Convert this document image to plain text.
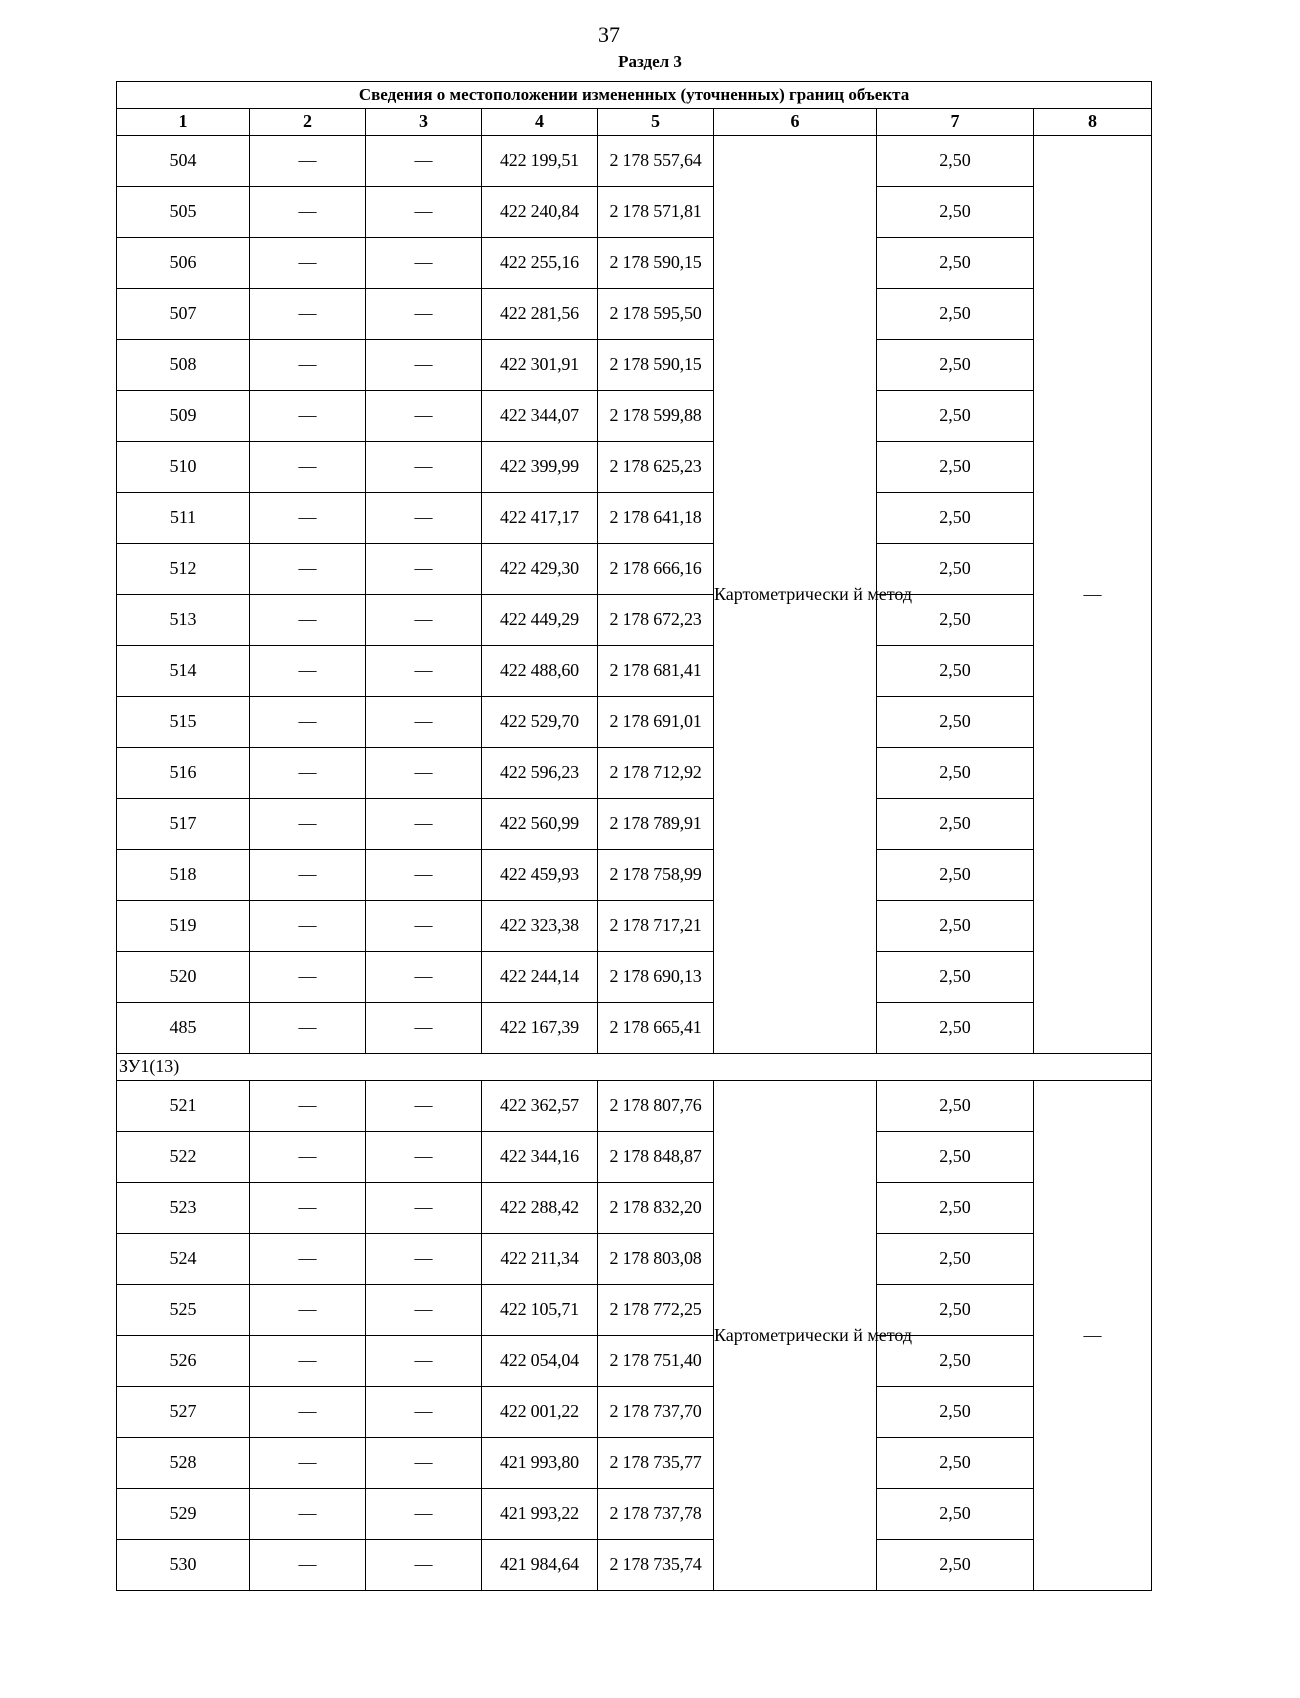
37
Раздел 3
Сведения о местоположении измененных (уточненных) границ объекта							
1	2	3	4	5	6	7	8
504	—	—	422 199,51	2 178 557,64	Картометрически й метод	2,50	—
505	—	—	422 240,84	2 178 571,81		2,50	
506	—	—	422 255,16	2 178 590,15		2,50	
507	—	—	422 281,56	2 178 595,50		2,50	
508	—	—	422 301,91	2 178 590,15		2,50	
509	—	—	422 344,07	2 178 599,88		2,50	
510	—	—	422 399,99	2 178 625,23		2,50	
511	—	—	422 417,17	2 178 641,18		2,50	
512	—	—	422 429,30	2 178 666,16		2,50	
513	—	—	422 449,29	2 178 672,23		2,50	
514	—	—	422 488,60	2 178 681,41		2,50	
515	—	—	422 529,70	2 178 691,01		2,50	
516	—	—	422 596,23	2 178 712,92		2,50	
517	—	—	422 560,99	2 178 789,91		2,50	
518	—	—	422 459,93	2 178 758,99		2,50	
519	—	—	422 323,38	2 178 717,21		2,50	
520	—	—	422 244,14	2 178 690,13		2,50	
485	—	—	422 167,39	2 178 665,41		2,50	
ЗУ1(13)							
521	—	—	422 362,57	2 178 807,76	Картометрически й метод	2,50	—
522	—	—	422 344,16	2 178 848,87		2,50	
523	—	—	422 288,42	2 178 832,20		2,50	
524	—	—	422 211,34	2 178 803,08		2,50	
525	—	—	422 105,71	2 178 772,25		2,50	
526	—	—	422 054,04	2 178 751,40		2,50	
527	—	—	422 001,22	2 178 737,70		2,50	
528	—	—	421 993,80	2 178 735,77		2,50	
529	—	—	421 993,22	2 178 737,78		2,50	
530	—	—	421 984,64	2 178 735,74		2,50	
